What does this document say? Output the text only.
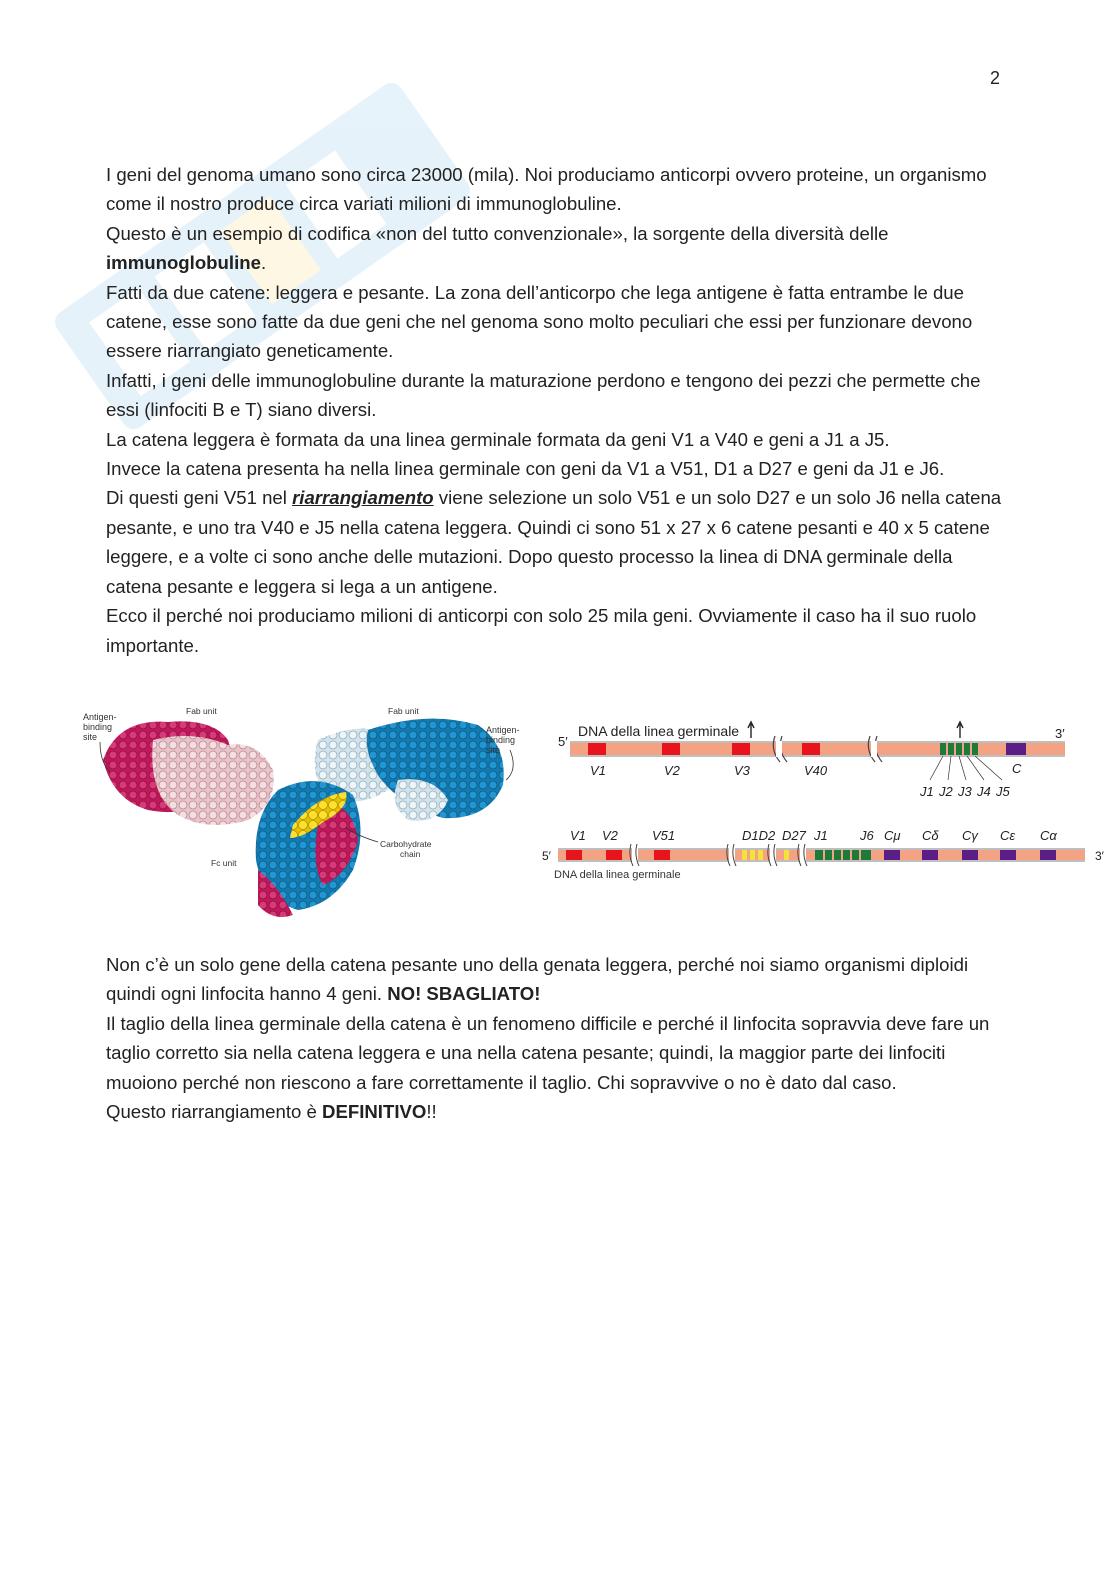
2

I geni del genoma umano sono circa 23000 (mila). Noi produciamo anticorpi ovvero proteine, un organismo come il nostro produce circa variati milioni di immunoglobuline.

Questo è un esempio di codifica «non del tutto convenzionale», la sorgente della diversità delle immunoglobuline.

Fatti da due catene: leggera e pesante. La zona dell’anticorpo che lega antigene è fatta entrambe le due catene, esse sono fatte da due geni che nel genoma sono molto peculiari che essi per funzionare devono essere riarrangiato geneticamente.

Infatti, i geni delle immunoglobuline durante la maturazione perdono e tengono dei pezzi che permette che essi (linfociti B e T) siano diversi.

La catena leggera è formata da una linea germinale formata da geni V1 a V40 e geni a J1 a J5.

Invece la catena presenta ha nella linea germinale con geni da V1 a V51, D1 a D27 e geni da J1 e J6.

Di questi geni V51 nel riarrangiamento viene selezione un solo V51 e un solo D27 e un solo J6 nella catena pesante, e uno tra V40 e J5 nella catena leggera. Quindi ci sono 51 x 27 x 6 catene pesanti e 40 x 5 catene leggere, e a volte ci sono anche delle mutazioni. Dopo questo processo la linea di DNA germinale della catena pesante e leggera si lega a un antigene.

Ecco il perché noi produciamo milioni di anticorpi con solo 25 mila geni. Ovviamente il caso ha il suo ruolo importante.

Antigen-
binding
site
Fab unit	Fab unit
Antigen-
binding
site
Carbohydrate
chain
Fc unit
DNA della linea germinale
5′
3′
V1	V2	V3	V40	C
J1 J2 J3 J4 J5
5′	3′
V1 V2	V51	D1D2 D27 J1 J6 Cμ Cδ Cγ Cε Cα
DNA della linea germinale

Non c’è un solo gene della catena pesante uno della genata leggera, perché noi siamo organismi diploidi quindi ogni linfocita hanno 4 geni. NO! SBAGLIATO!

Il taglio della linea germinale della catena è un fenomeno difficile e perché il linfocita sopravvia deve fare un taglio corretto sia nella catena leggera e una nella catena pesante; quindi, la maggior parte dei linfociti muoiono perché non riescono a fare correttamente il taglio. Chi sopravvive o no è dato dal caso.

Questo riarrangiamento è DEFINITIVO!!
